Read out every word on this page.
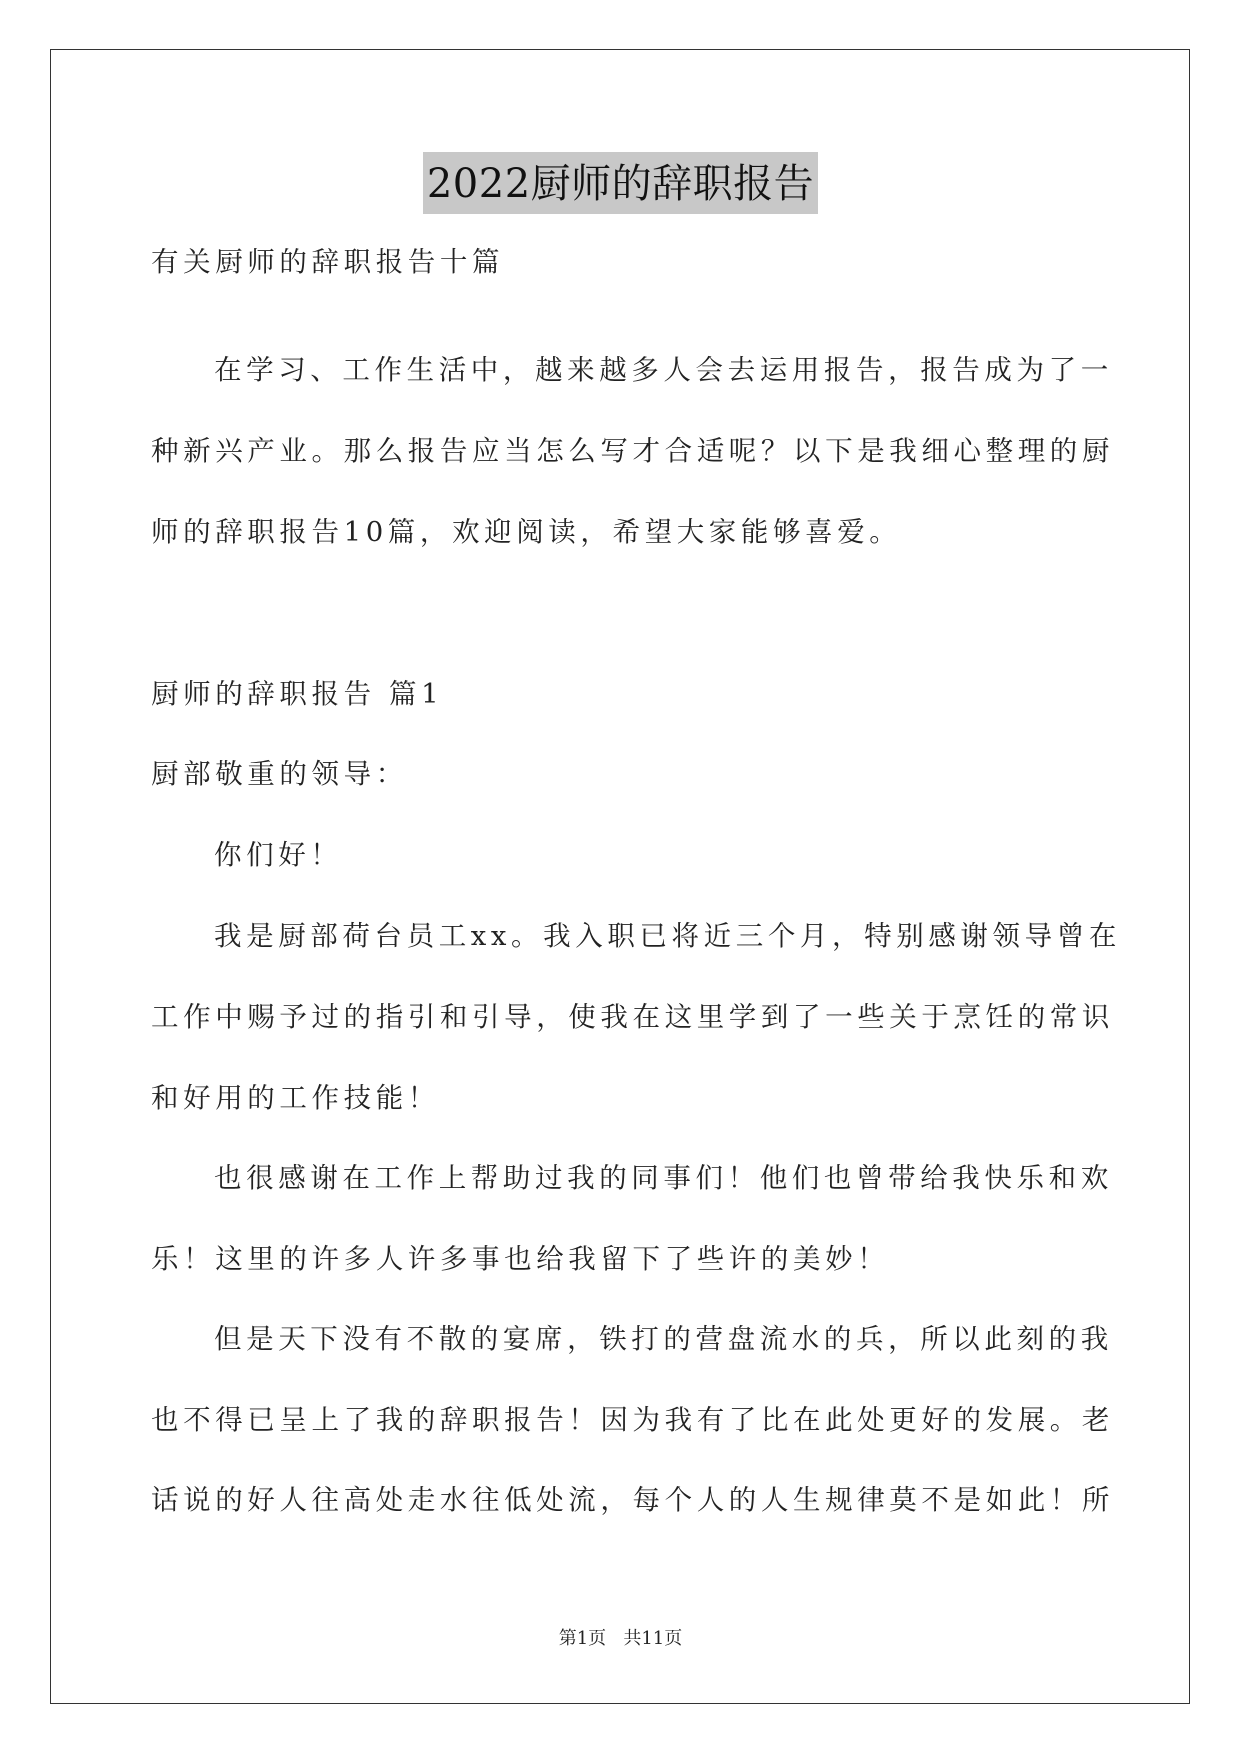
2022厨师的辞职报告
有关厨师的辞职报告十篇
在学习、工作生活中，越来越多人会去运用报告，报告成为了一
种新兴产业。那么报告应当怎么写才合适呢？以下是我细心整理的厨
师的辞职报告10篇，欢迎阅读，希望大家能够喜爱。
厨师的辞职报告 篇1
厨部敬重的领导：
你们好！
我是厨部荷台员工xx。我入职已将近三个月，特别感谢领导曾在
工作中赐予过的指引和引导，使我在这里学到了一些关于烹饪的常识
和好用的工作技能！
也很感谢在工作上帮助过我的同事们！他们也曾带给我快乐和欢
乐！这里的许多人许多事也给我留下了些许的美妙！
但是天下没有不散的宴席，铁打的营盘流水的兵，所以此刻的我
也不得已呈上了我的辞职报告！因为我有了比在此处更好的发展。老
话说的好人往高处走水往低处流，每个人的人生规律莫不是如此！所
第1页   共11页
